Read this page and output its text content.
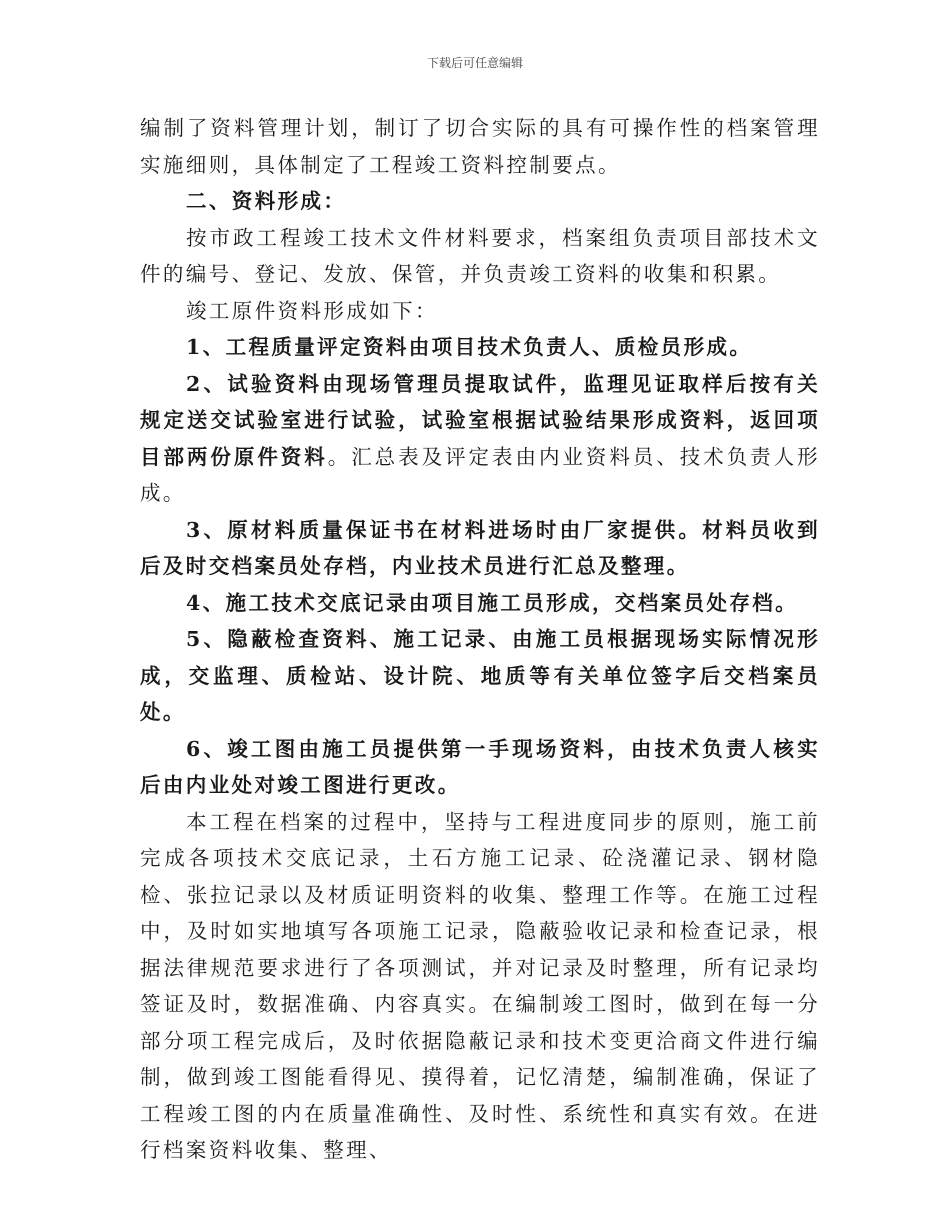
下载后可任意编辑

编制了资料管理计划，制订了切合实际的具有可操作性的档案管理实施细则，具体制定了工程竣工资料控制要点。

二、资料形成：

按市政工程竣工技术文件材料要求，档案组负责项目部技术文件的编号、登记、发放、保管，并负责竣工资料的收集和积累。

竣工原件资料形成如下：

1、工程质量评定资料由项目技术负责人、质检员形成。

2、试验资料由现场管理员提取试件，监理见证取样后按有关规定送交试验室进行试验，试验室根据试验结果形成资料，返回项目部两份原件资料。汇总表及评定表由内业资料员、技术负责人形成。

3、原材料质量保证书在材料进场时由厂家提供。材料员收到后及时交档案员处存档，内业技术员进行汇总及整理。

4、施工技术交底记录由项目施工员形成，交档案员处存档。

5、隐蔽检查资料、施工记录、由施工员根据现场实际情况形成，交监理、质检站、设计院、地质等有关单位签字后交档案员处。

6、竣工图由施工员提供第一手现场资料，由技术负责人核实后由内业处对竣工图进行更改。

本工程在档案的过程中，坚持与工程进度同步的原则，施工前完成各项技术交底记录，土石方施工记录、砼浇灌记录、钢材隐检、张拉记录以及材质证明资料的收集、整理工作等。在施工过程中，及时如实地填写各项施工记录，隐蔽验收记录和检查记录，根据法律规范要求进行了各项测试，并对记录及时整理，所有记录均签证及时，数据准确、内容真实。在编制竣工图时，做到在每一分部分项工程完成后，及时依据隐蔽记录和技术变更洽商文件进行编制，做到竣工图能看得见、摸得着，记忆清楚，编制准确，保证了工程竣工图的内在质量准确性、及时性、系统性和真实有效。在进行档案资料收集、整理、
